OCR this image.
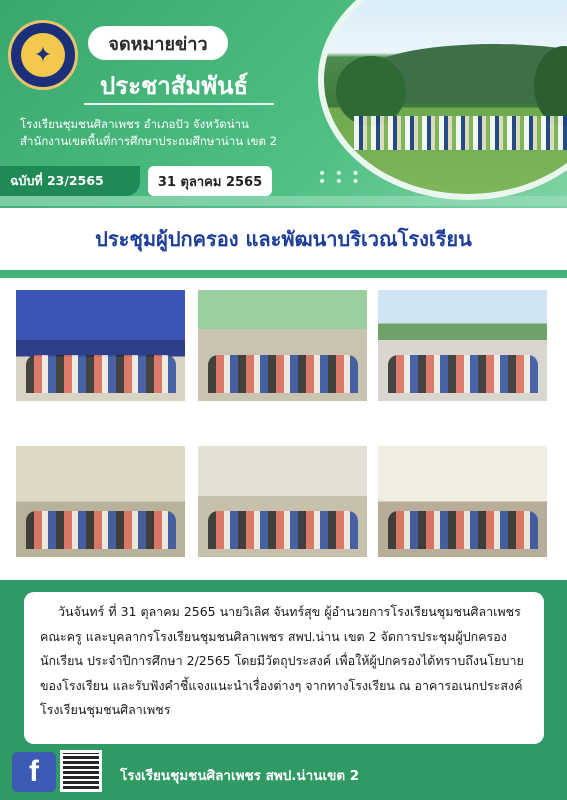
✦	จดหมายข่าว
ประชาสัมพันธ์
โรงเรียนชุมชนศิลาเพชร อำเภอปัว จังหวัดน่าน
สำนักงานเขตพื้นที่การศึกษาประถมศึกษาน่าน เขต 2
ฉบับที่ 23/2565	31 ตุลาคม 2565	• • •
• • •
ประชุมผู้ปกครอง และพัฒนาบริเวณโรงเรียน

วันจันทร์ ที่ 31 ตุลาคม 2565 นายวิเลิศ จันทร์สุข ผู้อำนวยการโรงเรียนชุมชนศิลาเพชร คณะครู และบุคลากรโรงเรียนชุมชนศิลาเพชร สพป.น่าน เขต 2 จัดการประชุมผู้ปกครองนักเรียน ประจำปีการศึกษา 2/2565 โดยมีวัตถุประสงค์ เพื่อให้ผู้ปกครองได้ทราบถึงนโยบายของโรงเรียน และรับฟังคำชี้แจงแนะนำเรื่องต่างๆ จากทางโรงเรียน ณ อาคารอเนกประสงค์โรงเรียนชุมชนศิลาเพชร

f	โรงเรียนชุมชนศิลาเพชร สพป.น่านเขต 2
